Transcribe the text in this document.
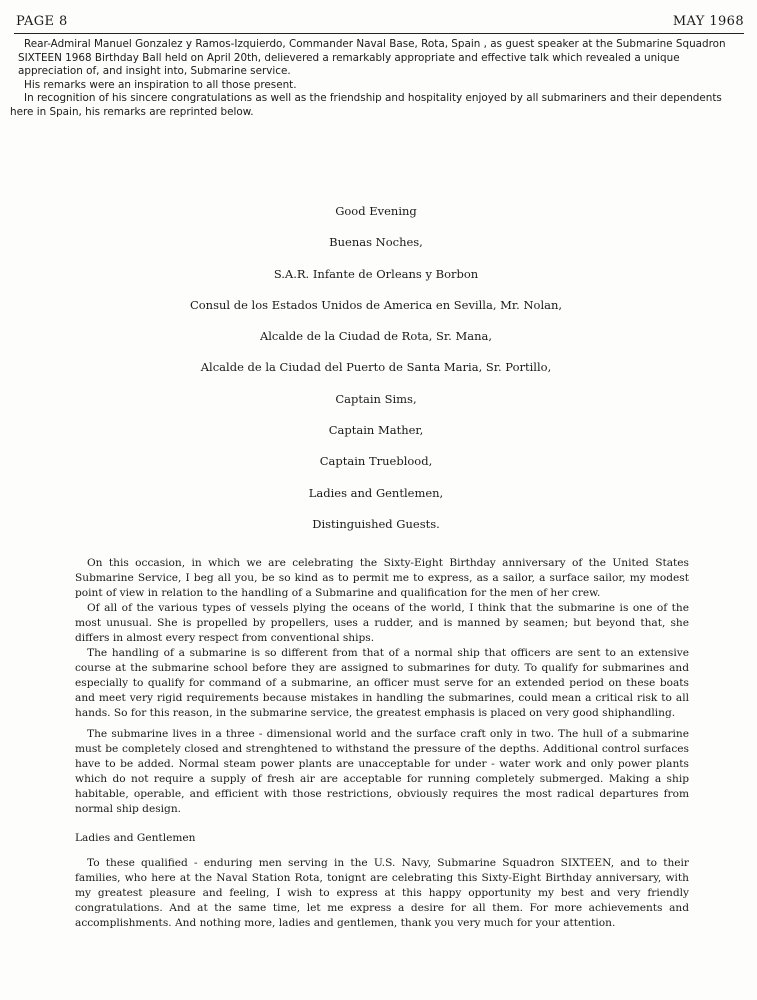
PAGE 8	MAY 1968

Rear-Admiral Manuel Gonzalez y Ramos-Izquierdo, Commander Naval Base, Rota, Spain , as guest speaker at the Submarine Squadron SIXTEEN 1968 Birthday Ball held on April 20th, delievered a remarkably appropriate and effective talk which revealed a unique appreciation of, and insight into, Submarine service.

His remarks were an inspiration to all those present.

In recognition of his sincere congratulations as well as the friendship and hospitality enjoyed by all submariners and their dependents here in Spain, his remarks are reprinted below.

Good Evening
Buenas Noches,
S.A.R. Infante de Orleans y Borbon
Consul de los Estados Unidos de America en Sevilla, Mr. Nolan,
Alcalde de la Ciudad de Rota, Sr. Mana,
Alcalde de la Ciudad del Puerto de Santa Maria, Sr. Portillo,
Captain Sims,
Captain Mather,
Captain Trueblood,
Ladies and Gentlemen,
Distinguished Guests.

On this occasion, in which we are celebrating the Sixty-Eight Birthday anniversary of the United States Submarine Service, I beg all you, be so kind as to permit me to express, as a sailor, a surface sailor, my modest point of view in relation to the handling of a Submarine and qualification for the men of her crew.

Of all of the various types of vessels plying the oceans of the world, I think that the submarine is one of the most unusual. She is propelled by propellers, uses a rudder, and is manned by seamen; but beyond that, she differs in almost every respect from conventional ships.

The handling of a submarine is so different from that of a normal ship that officers are sent to an extensive course at the submarine school before they are assigned to submarines for duty. To qualify for submarines and especially to qualify for command of a submarine, an officer must serve for an extended period on these boats and meet very rigid requirements because mistakes in handling the submarines, could mean a critical risk to all hands. So for this reason, in the submarine service, the greatest emphasis is placed on very good shiphandling.

The submarine lives in a three - dimensional world and the surface craft only in two. The hull of a submarine must be completely closed and strenghtened to withstand the pressure of the depths. Additional control surfaces have to be added. Normal steam power plants are unacceptable for under - water work and only power plants which do not require a supply of fresh air are acceptable for running completely submerged. Making a ship habitable, operable, and efficient with those restrictions, obviously requires the most radical departures from normal ship design.

Ladies and Gentlemen

To these qualified - enduring men serving in the U.S. Navy, Submarine Squadron SIXTEEN, and to their families, who here at the Naval Station Rota, tonignt are celebrating this Sixty-Eight Birthday anniversary, with my greatest pleasure and feeling, I wish to express at this happy opportunity my best and very friendly congratulations. And at the same time, let me express a desire for all them. For more achievements and accomplishments. And nothing more, ladies and gentlemen, thank you very much for your attention.
